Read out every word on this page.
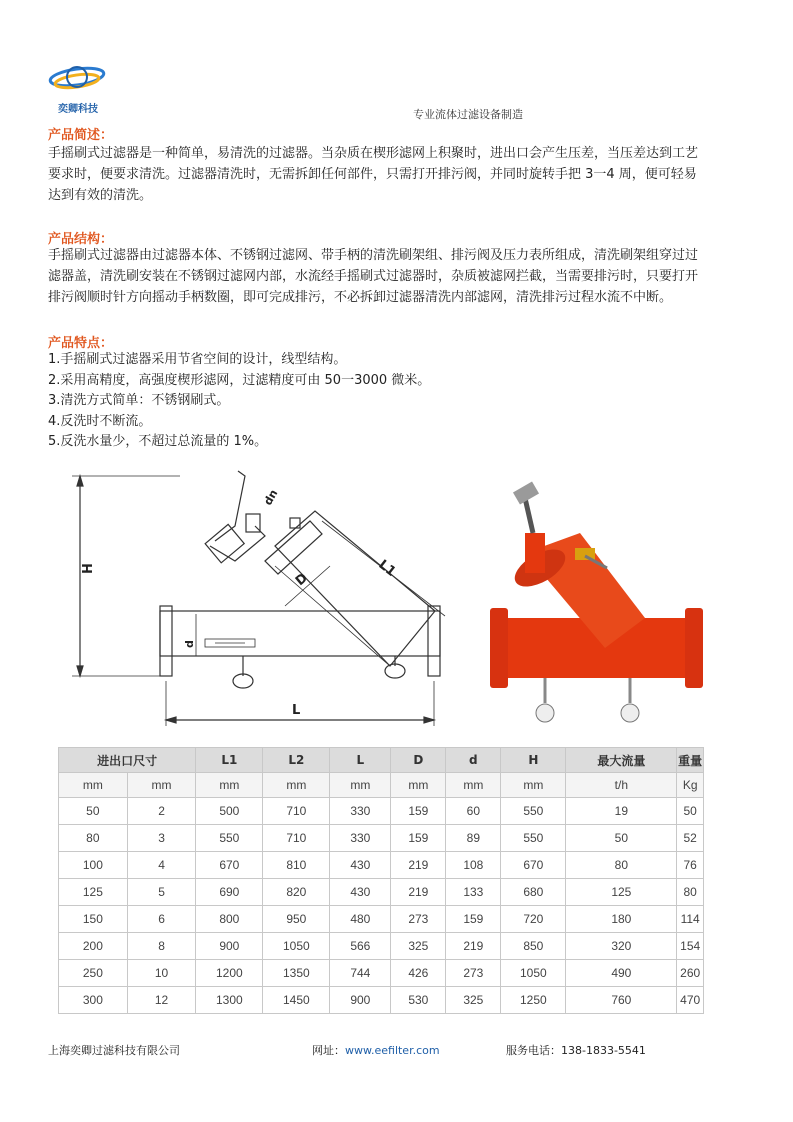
奕卿科技	专业流体过滤设备制造
产品简述：
手摇刷式过滤器是一种简单，易清洗的过滤器。当杂质在楔形滤网上积聚时，进出口会产生压差，当压差达到工艺
要求时，便要求清洗。过滤器清洗时，无需拆卸任何部件，只需打开排污阀，并同时旋转手把 3一4 周，便可轻易
达到有效的清洗。
产品结构：
手摇刷式过滤器由过滤器本体、不锈钢过滤网、带手柄的清洗刷架组、排污阀及压力表所组成，清洗刷架组穿过过
滤器盖，清洗刷安装在不锈钢过滤网内部，水流经手摇刷式过滤器时，杂质被滤网拦截，当需要排污时，只要打开
排污阀顺时针方向摇动手柄数圈，即可完成排污，不必拆卸过滤器清洗内部滤网，清洗排污过程水流不中断。
产品特点：
1.手摇刷式过滤器采用节省空间的设计，线型结构。
2.采用高精度，高强度楔形滤网，过滤精度可由 50一3000 微米。
3.清洗方式简单：不锈钢刷式。
4.反洗时不断流。
5.反洗水量少，不超过总流量的 1%。
H
L
L1
D
d
dn
进出口尺寸		L1	L2	L	D	d	H	最大流量	重量
mm	mm	mm	mm	mm	mm	mm	mm	t/h	Kg
50	2	500	710	330	159	60	550	19	50
80	3	550	710	330	159	89	550	50	52
100	4	670	810	430	219	108	670	80	76
125	5	690	820	430	219	133	680	125	80
150	6	800	950	480	273	159	720	180	114
200	8	900	1050	566	325	219	850	320	154
250	10	1200	1350	744	426	273	1050	490	260
300	12	1300	1450	900	530	325	1250	760	470
上海奕卿过滤科技有限公司	网址：www.eefilter.com	服务电话：138-1833-5541
